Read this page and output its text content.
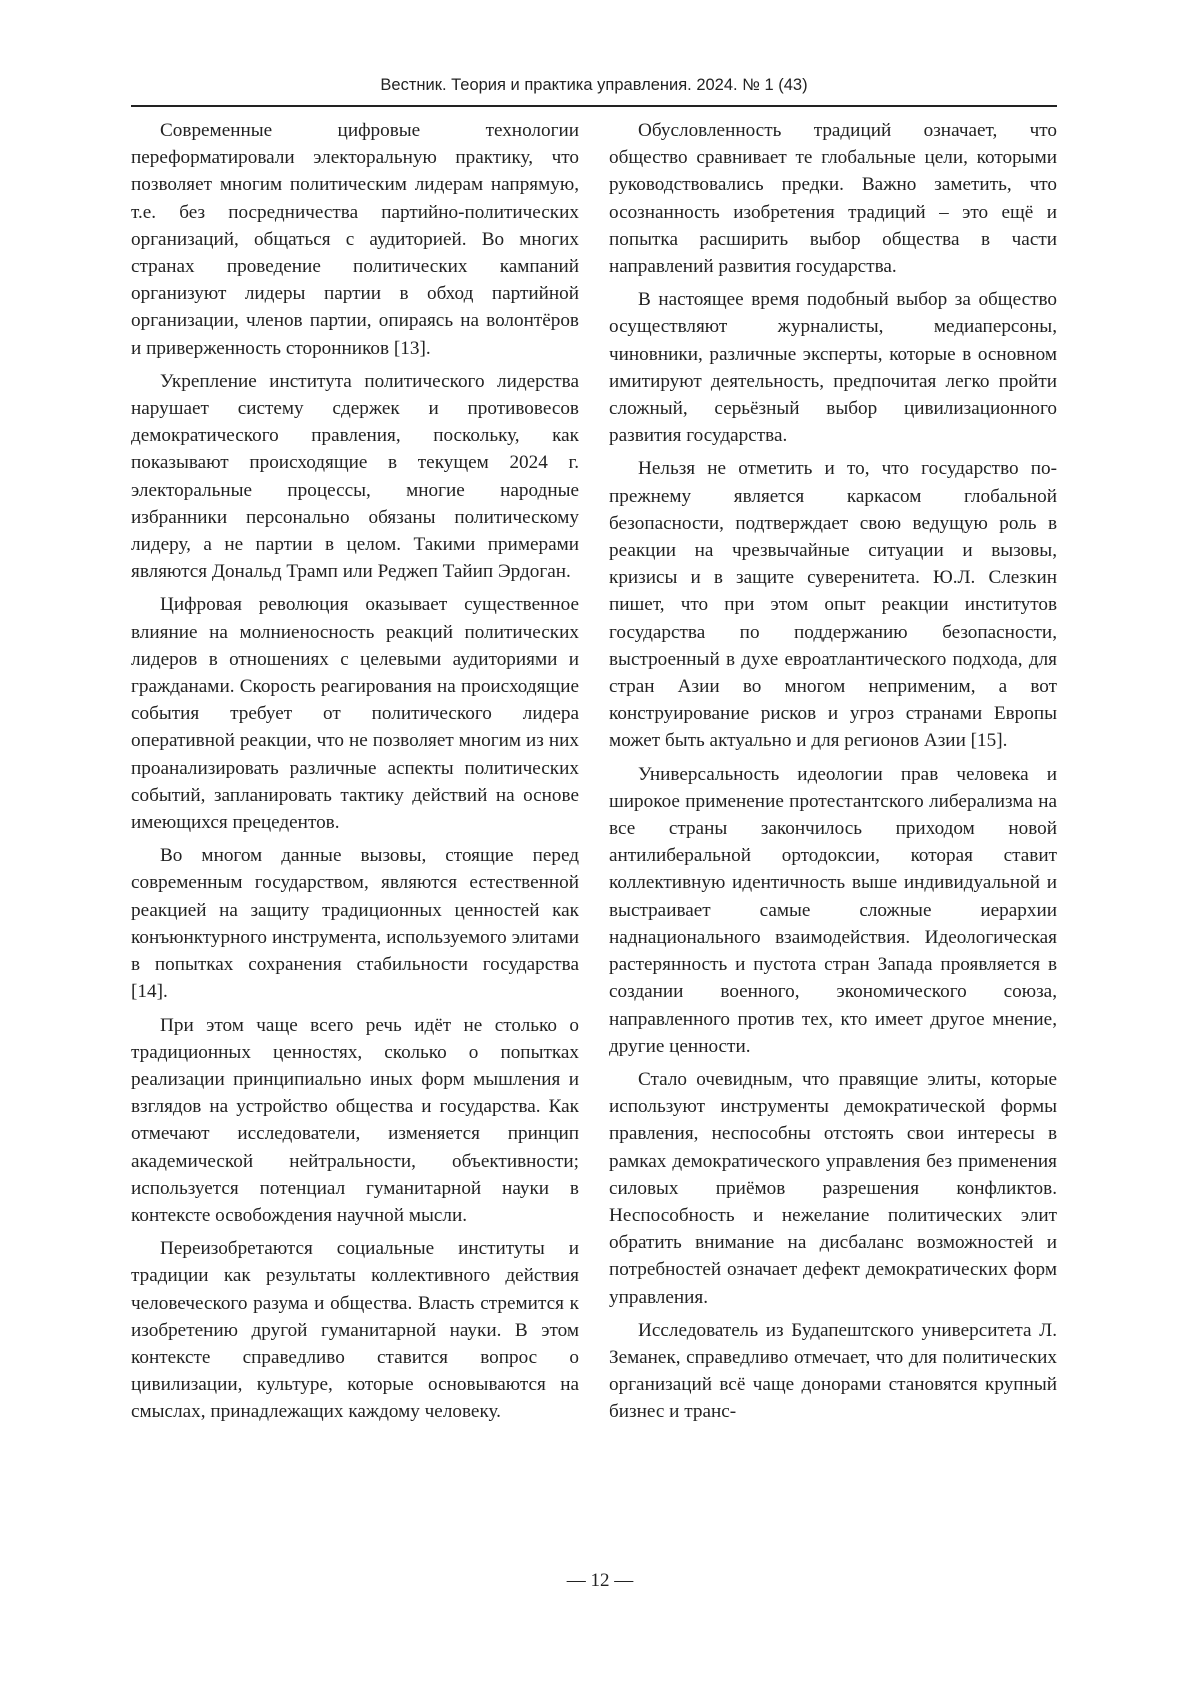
Вестник. Теория и практика управления. 2024. № 1 (43)

Современные цифровые технологии переформатировали электоральную практику, что позволяет многим политическим лидерам напрямую, т.е. без посредничества партийно-политических организаций, общаться с аудиторией. Во многих странах проведение политических кампаний организуют лидеры партии в обход партийной организации, членов партии, опираясь на волонтёров и приверженность сторонников [13].

Укрепление института политического лидерства нарушает систему сдержек и противовесов демократического правления, поскольку, как показывают происходящие в текущем 2024 г. электоральные процессы, многие народные избранники персонально обязаны политическому лидеру, а не партии в целом. Такими примерами являются Дональд Трамп или Реджеп Тайип Эрдоган.

Цифровая революция оказывает существенное влияние на молниеносность реакций политических лидеров в отношениях с целевыми аудиториями и гражданами. Скорость реагирования на происходящие события требует от политического лидера оперативной реакции, что не позволяет многим из них проанализировать различные аспекты политических событий, запланировать тактику действий на основе имеющихся прецедентов.

Во многом данные вызовы, стоящие перед современным государством, являются естественной реакцией на защиту традиционных ценностей как конъюнктурного инструмента, используемого элитами в попытках сохранения стабильности государства [14].

При этом чаще всего речь идёт не столько о традиционных ценностях, сколько о попытках реализации принципиально иных форм мышления и взглядов на устройство общества и государства. Как отмечают исследователи, изменяется принцип академической нейтральности, объективности; используется потенциал гуманитарной науки в контексте освобождения научной мысли.

Переизобретаются социальные институты и традиции как результаты коллективного действия человеческого разума и общества. Власть стремится к изобретению другой гуманитарной науки. В этом контексте справедливо ставится вопрос о цивилизации, культуре, которые основываются на смыслах, принадлежащих каждому человеку.

Обусловленность традиций означает, что общество сравнивает те глобальные цели, которыми руководствовались предки. Важно заметить, что осознанность изобретения традиций – это ещё и попытка расширить выбор общества в части направлений развития государства.

В настоящее время подобный выбор за общество осуществляют журналисты, медиаперсоны, чиновники, различные эксперты, которые в основном имитируют деятельность, предпочитая легко пройти сложный, серьёзный выбор цивилизационного развития государства.

Нельзя не отметить и то, что государство по-прежнему является каркасом глобальной безопасности, подтверждает свою ведущую роль в реакции на чрезвычайные ситуации и вызовы, кризисы и в защите суверенитета. Ю.Л. Слезкин пишет, что при этом опыт реакции институтов государства по поддержанию безопасности, выстроенный в духе евроатлантического подхода, для стран Азии во многом неприменим, а вот конструирование рисков и угроз странами Европы может быть актуально и для регионов Азии [15].

Универсальность идеологии прав человека и широкое применение протестантского либерализма на все страны закончилось приходом новой антилиберальной ортодоксии, которая ставит коллективную идентичность выше индивидуальной и выстраивает самые сложные иерархии наднационального взаимодействия. Идеологическая растерянность и пустота стран Запада проявляется в создании военного, экономического союза, направленного против тех, кто имеет другое мнение, другие ценности.

Стало очевидным, что правящие элиты, которые используют инструменты демократической формы правления, неспособны отстоять свои интересы в рамках демократического управления без применения силовых приёмов разрешения конфликтов. Неспособность и нежелание политических элит обратить внимание на дисбаланс возможностей и потребностей означает дефект демократических форм управления.

Исследователь из Будапештского университета Л. Земанек, справедливо отмечает, что для политических организаций всё чаще донорами становятся крупный бизнес и транс-

— 12 —
